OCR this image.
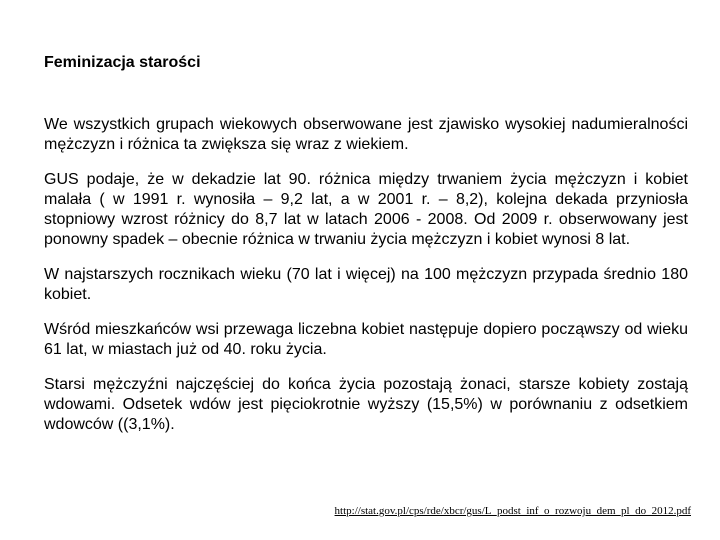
Feminizacja starości

We wszystkich grupach wiekowych obserwowane jest zjawisko wysokiej nadumieralności mężczyzn i różnica ta zwiększa się wraz z wiekiem.

GUS podaje, że w dekadzie lat 90. różnica między trwaniem życia mężczyzn i kobiet malała ( w 1991 r. wynosiła – 9,2 lat, a w 2001 r. – 8,2), kolejna dekada przyniosła stopniowy wzrost różnicy do 8,7 lat w latach 2006 - 2008. Od 2009 r. obserwowany jest ponowny spadek – obecnie różnica w trwaniu życia mężczyzn i kobiet wynosi 8 lat.

W najstarszych rocznikach wieku (70 lat i więcej) na 100 mężczyzn przypada średnio 180 kobiet.

Wśród mieszkańców wsi przewaga liczebna kobiet następuje dopiero począwszy od wieku 61 lat, w miastach już od 40. roku życia.

Starsi mężczyźni najczęściej do końca życia pozostają żonaci, starsze kobiety zostają wdowami. Odsetek wdów jest pięciokrotnie wyższy (15,5%) w porównaniu z odsetkiem wdowców ((3,1%).

http://stat.gov.pl/cps/rde/xbcr/gus/L_podst_inf_o_rozwoju_dem_pl_do_2012.pdf
